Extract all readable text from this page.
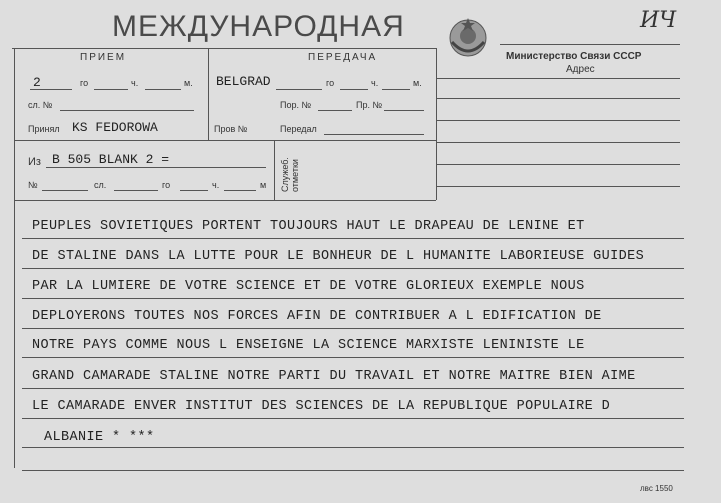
МЕЖДУНАРОДНАЯ	ИЧ
Министерство Связи СССР
Адрес
ПРИЕМ
2	го	ч.	м.
сл. №
Принял KS FEDOROWA	Пров №
ПЕРЕДАЧА
BELGRAD	го	ч.	м.
Пор. №	Пр. №
Передал
Из B 505 BLANK 2 =
№	сл.	го	ч.	м Служеб. отметки
PEUPLES SOVIETIQUES PORTENT TOUJOURS HAUT LE DRAPEAU DE LENINE ET
DE STALINE DANS LA LUTTE POUR LE BONHEUR DE L HUMANITE LABORIEUSE GUIDES
PAR LA LUMIERE DE VOTRE SCIENCE ET DE VOTRE GLORIEUX EXEMPLE NOUS
DEPLOYERONS TOUTES NOS FORCES AFIN DE CONTRIBUER A L EDIFICATION DE
NOTRE PAYS COMME NOUS L ENSEIGNE LA SCIENCE MARXISTE LENINISTE LE
GRAND CAMARADE STALINE NOTRE PARTI DU TRAVAIL ET NOTRE MAITRE BIEN AIME
LE CAMARADE ENVER INSTITUT DES SCIENCES DE LA REPUBLIQUE POPULAIRE D
ALBANIE * ***
лвс 1550
